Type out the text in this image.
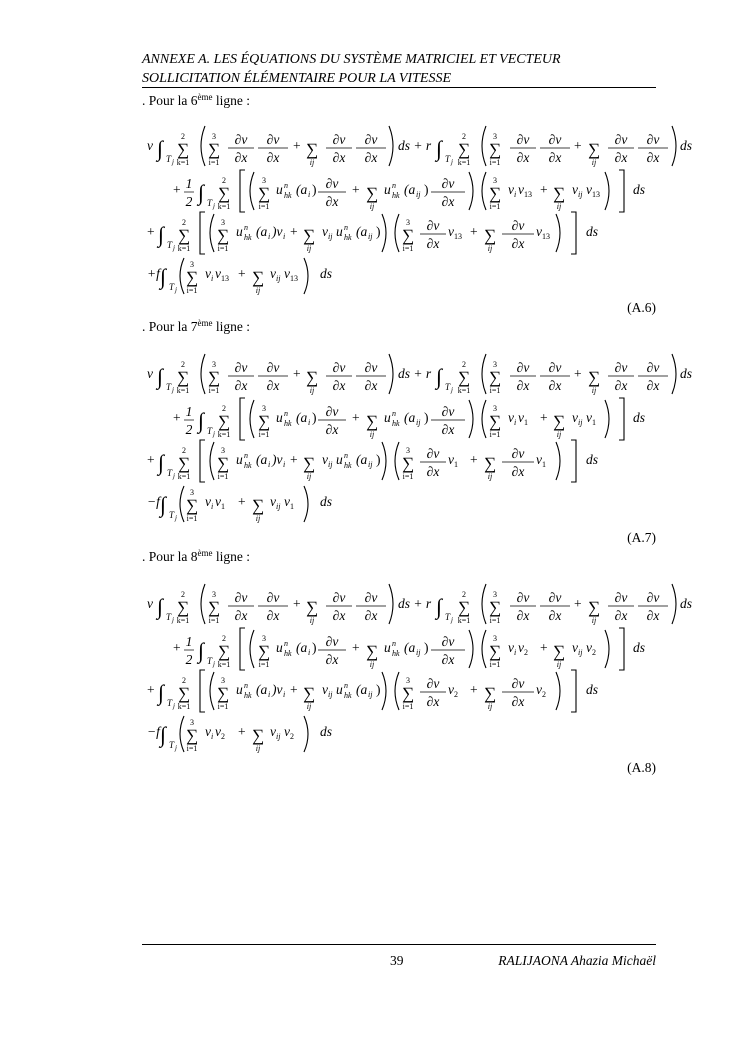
ANNEXE A. LES ÉQUATIONS DU SYSTÈME MATRICIEL ET VECTEUR
SOLLICITATION ÉLÉMENTAIRE POUR LA VITESSE
. Pour la 6ème ligne :
ν ∫ T j
∑
2
k=1
∑
3
i=1
∂v
∂x
∂v
∂x
+ ∑
ij
∂v
∂x
∂v
∂x
ds + r ∫ T j
∑
2
k=1
∑
3
i=1
∂v
∂x
∂v
∂x
+ ∑
ij
∂v
∂x
∂v
∂x
ds
+ 1
2 ∫ T j
∑
2
k=1
∑
3
i=1
u n
hk (a i ) ∂v
∂x
+ ∑
ij
u n
hk (a ij ) ∂v
∂x ∑
3
i=1
v i v 13 + ∑
ij
v ij v 13 ds
+ ∫ T j
∑
2
k=1
∑
3
i=1
u n
hk (a i )v i + ∑
ij
v ij u n
hk (a ij ) ∑
3
i=1
∂v
∂x
v 13 + ∑
ij
∂v
∂x
v 13	ds
+f ∫ T j
∑
3
i=1
v i v 13 + ∑
ij
v ij v 13 ds
(A.6)
. Pour la 7ème ligne :
ν ∫ T j
∑
2
k=1
∑
3
i=1
∂v
∂x
∂v
∂x
+ ∑
ij
∂v
∂x
∂v
∂x
ds + r ∫ T j
∑
2
k=1
∑
3
i=1
∂v
∂x
∂v
∂x
+ ∑
ij
∂v
∂x
∂v
∂x
ds
+ 1
2 ∫ T j
∑
2
k=1
∑
3
i=1
u n
hk (a i ) ∂v
∂x
+ ∑
ij
u n
hk (a ij ) ∂v
∂x ∑
3
i=1
v i v 1 + ∑
ij
v ij v 1	ds
+ ∫ T j
∑
2
k=1
∑
3
i=1
u n
hk (a i )v i + ∑
ij
v ij u n
hk (a ij ) ∑
3
i=1
∂v
∂x
v 1 + ∑
ij
∂v
∂x
v 1	ds
−f ∫ T j
∑
3
i=1
v i v 1 + ∑
ij
v ij v 1 ds
(A.7)
. Pour la 8ème ligne :
ν ∫ T j
∑
2
k=1
∑
3
i=1
∂v
∂x
∂v
∂x
+ ∑
ij
∂v
∂x
∂v
∂x
ds + r ∫ T j
∑
2
k=1
∑
3
i=1
∂v
∂x
∂v
∂x
+ ∑
ij
∂v
∂x
∂v
∂x
ds
+ 1
2 ∫ T j
∑
2
k=1
∑
3
i=1
u n
hk (a i ) ∂v
∂x
+ ∑
ij
u n
hk (a ij ) ∂v
∂x ∑
3
i=1
v i v 2 + ∑
ij
v ij v 2	ds
+ ∫ T j
∑
2
k=1
∑
3
i=1
u n
hk (a i )v i + ∑
ij
v ij u n
hk (a ij ) ∑
3
i=1
∂v
∂x
v 2 + ∑
ij
∂v
∂x
v 2	ds
−f ∫ T j
∑
3
i=1
v i v 2 + ∑
ij
v ij v 2 ds
(A.8)
39	RALIJAONA Ahazia Michaël
